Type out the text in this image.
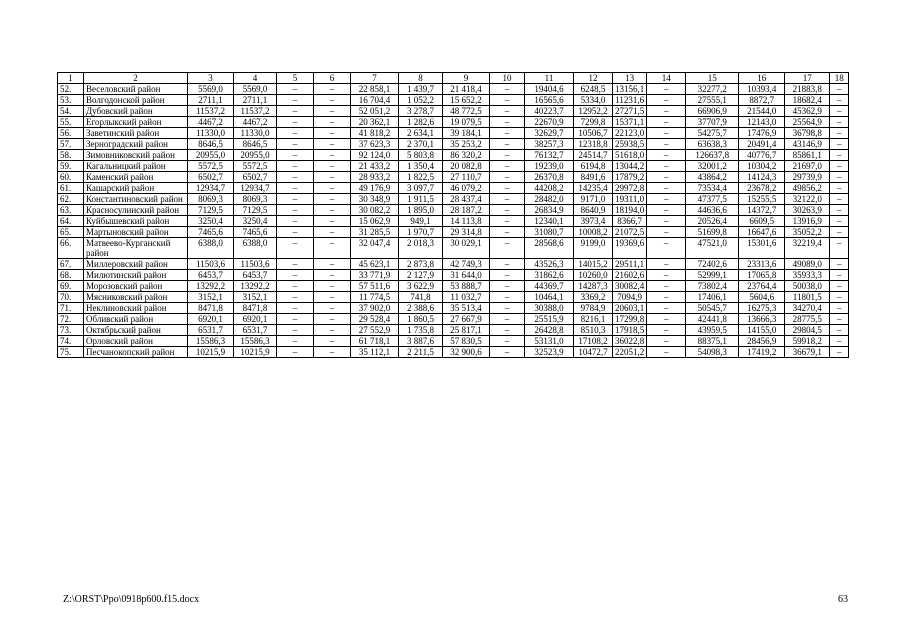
1	2	3	4	5	6	7	8	9	10	11	12	13	14	15	16	17	18
52.	Веселовский район	5569,0	5569,0	–	–	22 858,1	1 439,7	21 418,4	–	19404,6	6248,5	13156,1	–	32277,2	10393,4	21883,8	–
53.	Волгодонской район	2711,1	2711,1	–	–	16 704,4	1 052,2	15 652,2	–	16565,6	5334,0	11231,6	–	27555,1	8872,7	18682,4	–
54.	Дубовский район	11537,2	11537,2	–	–	52 051,2	3 278,7	48 772,5	–	40223,7	12952,2	27271,5	–	66906,9	21544,0	45362,9	–
55.	Егорлыкский район	4467,2	4467,2	–	–	20 362,1	1 282,6	19 079,5	–	22670,9	7299,8	15371,1	–	37707,9	12143,0	25564,9	–
56.	Заветинский район	11330,0	11330,0	–	–	41 818,2	2 634,1	39 184,1	–	32629,7	10506,7	22123,0	–	54275,7	17476,9	36798,8	–
57.	Зерноградский район	8646,5	8646,5	–	–	37 623,3	2 370,1	35 253,2	–	38257,3	12318,8	25938,5	–	63638,3	20491,4	43146,9	–
58.	Зимовниковский район	20955,0	20955,0	–	–	92 124,0	5 803,8	86 320,2	–	76132,7	24514,7	51618,0	–	126637,8	40776,7	85861,1	–
59.	Кагальницкий район	5572,5	5572,5	–	–	21 433,2	1 350,4	20 082,8	–	19239,0	6194,8	13044,2	–	32001,2	10304,2	21697,0	–
60.	Каменский район	6502,7	6502,7	–	–	28 933,2	1 822,5	27 110,7	–	26370,8	8491,6	17879,2	–	43864,2	14124,3	29739,9	–
61.	Кашарский район	12934,7	12934,7	–	–	49 176,9	3 097,7	46 079,2	–	44208,2	14235,4	29972,8	–	73534,4	23678,2	49856,2	–
62.	Константиновский район	8069,3	8069,3	–	–	30 348,9	1 911,5	28 437,4	–	28482,0	9171,0	19311,0	–	47377,5	15255,5	32122,0	–
63.	Красносулинский район	7129,5	7129,5	–	–	30 082,2	1 895,0	28 187,2	–	26834,9	8640,9	18194,0	–	44636,6	14372,7	30263,9	–
64.	Куйбышевский район	3250,4	3250,4	–	–	15 062,9	949,1	14 113,8	–	12340,1	3973,4	8366,7	–	20526,4	6609,5	13916,9	–
65.	Мартыновский район	7465,6	7465,6	–	–	31 285,5	1 970,7	29 314,8	–	31080,7	10008,2	21072,5	–	51699,8	16647,6	35052,2	–
66.	Матвеево-Курганский район	6388,0	6388,0	–	–	32 047,4	2 018,3	30 029,1	–	28568,6	9199,0	19369,6	–	47521,0	15301,6	32219,4	–
67.	Миллеровский район	11503,6	11503,6	–	–	45 623,1	2 873,8	42 749,3	–	43526,3	14015,2	29511,1	–	72402,6	23313,6	49089,0	–
68.	Милютинский район	6453,7	6453,7	–	–	33 771,9	2 127,9	31 644,0	–	31862,6	10260,0	21602,6	–	52999,1	17065,8	35933,3	–
69.	Морозовский район	13292,2	13292,2	–	–	57 511,6	3 622,9	53 888,7	–	44369,7	14287,3	30082,4	–	73802,4	23764,4	50038,0	–
70.	Мясниковский район	3152,1	3152,1	–	–	11 774,5	741,8	11 032,7	–	10464,1	3369,2	7094,9	–	17406,1	5604,6	11801,5	–
71.	Неклиновский район	8471,8	8471,8	–	–	37 902,0	2 388,6	35 513,4	–	30388,0	9784,9	20603,1	–	50545,7	16275,3	34270,4	–
72.	Обливский район	6920,1	6920,1	–	–	29 528,4	1 860,5	27 667,9	–	25515,9	8216,1	17299,8	–	42441,8	13666,3	28775,5	–
73.	Октябрьский район	6531,7	6531,7	–	–	27 552,9	1 735,8	25 817,1	–	26428,8	8510,3	17918,5	–	43959,5	14155,0	29804,5	–
74.	Орловский район	15586,3	15586,3	–	–	61 718,1	3 887,6	57 830,5	–	53131,0	17108,2	36022,8	–	88375,1	28456,9	59918,2	–
75.	Песчанокопский район	10215,9	10215,9	–	–	35 112,1	2 211,5	32 900,6	–	32523,9	10472,7	22051,2	–	54098,3	17419,2	36679,1	–
Z:\ORST\Ppo\0918p600.f15.docx	63
